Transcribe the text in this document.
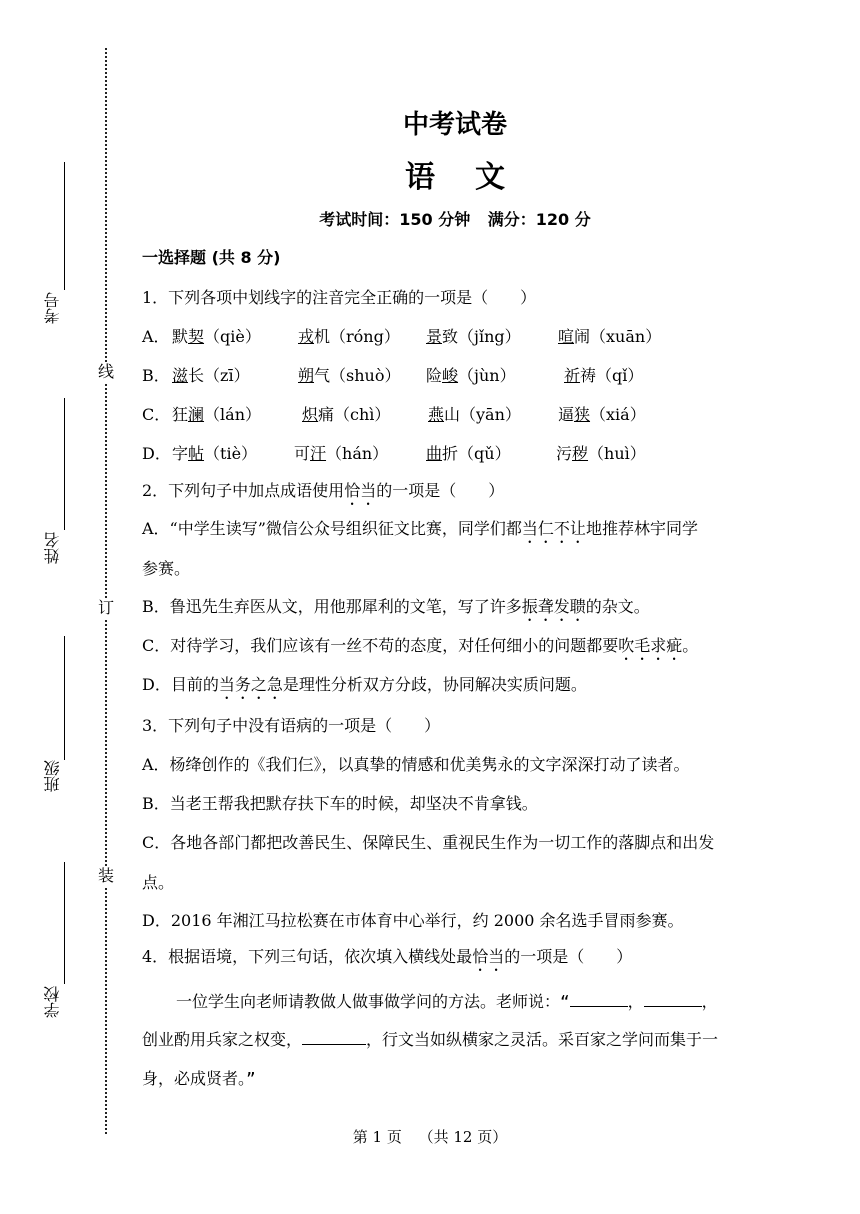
线
订
装
考号
姓名
班级
学校
中考试卷
语文
考试时间：150 分钟 满分：120 分
一选择题 (共 8 分)
1．下列各项中划线字的注音完全正确的一项是（　　）
A． 默契（qiè） 戎机（róng） 景致（jǐng） 喧闹（xuān）
B． 滋长（zī）	朔气（shuò） 险峻（jùn）	祈祷（qǐ）
C． 狂澜（lán）	炽痛（chì） 燕山（yān） 逼狭（xiá）
D． 字帖（tiè） 可汗（hán） 曲折（qǔ）	污秽（huì）
2．下列句子中加点成语使用恰当的一项是（　　）
A．“中学生读写”微信公众号组织征文比赛，同学们都当仁不让地推荐林宇同学
参赛。
B．鲁迅先生弃医从文，用他那犀利的文笔，写了许多振聋发聩的杂文。
C．对待学习，我们应该有一丝不苟的态度，对任何细小的问题都要吹毛求疵。
D．目前的当务之急是理性分析双方分歧，协同解决实质问题。
3．下列句子中没有语病的一项是（　　）
A．杨绛创作的《我们仨》，以真挚的情感和优美隽永的文字深深打动了读者。
B．当老王帮我把默存扶下车的时候，却坚决不肯拿钱。
C．各地各部门都把改善民生、保障民生、重视民生作为一切工作的落脚点和出发
点。
D．2016 年湘江马拉松赛在市体育中心举行，约 2000 余名选手冒雨参赛。
4．根据语境，下列三句话，依次填入横线处最恰当的一项是（　　）
一位学生向老师请教做人做事做学问的方法。老师说：“	，	，
创业酌用兵家之权变，	，行文当如纵横家之灵活。采百家之学问而集于一
身，必成贤者。”
第 1 页 （共 12 页）
